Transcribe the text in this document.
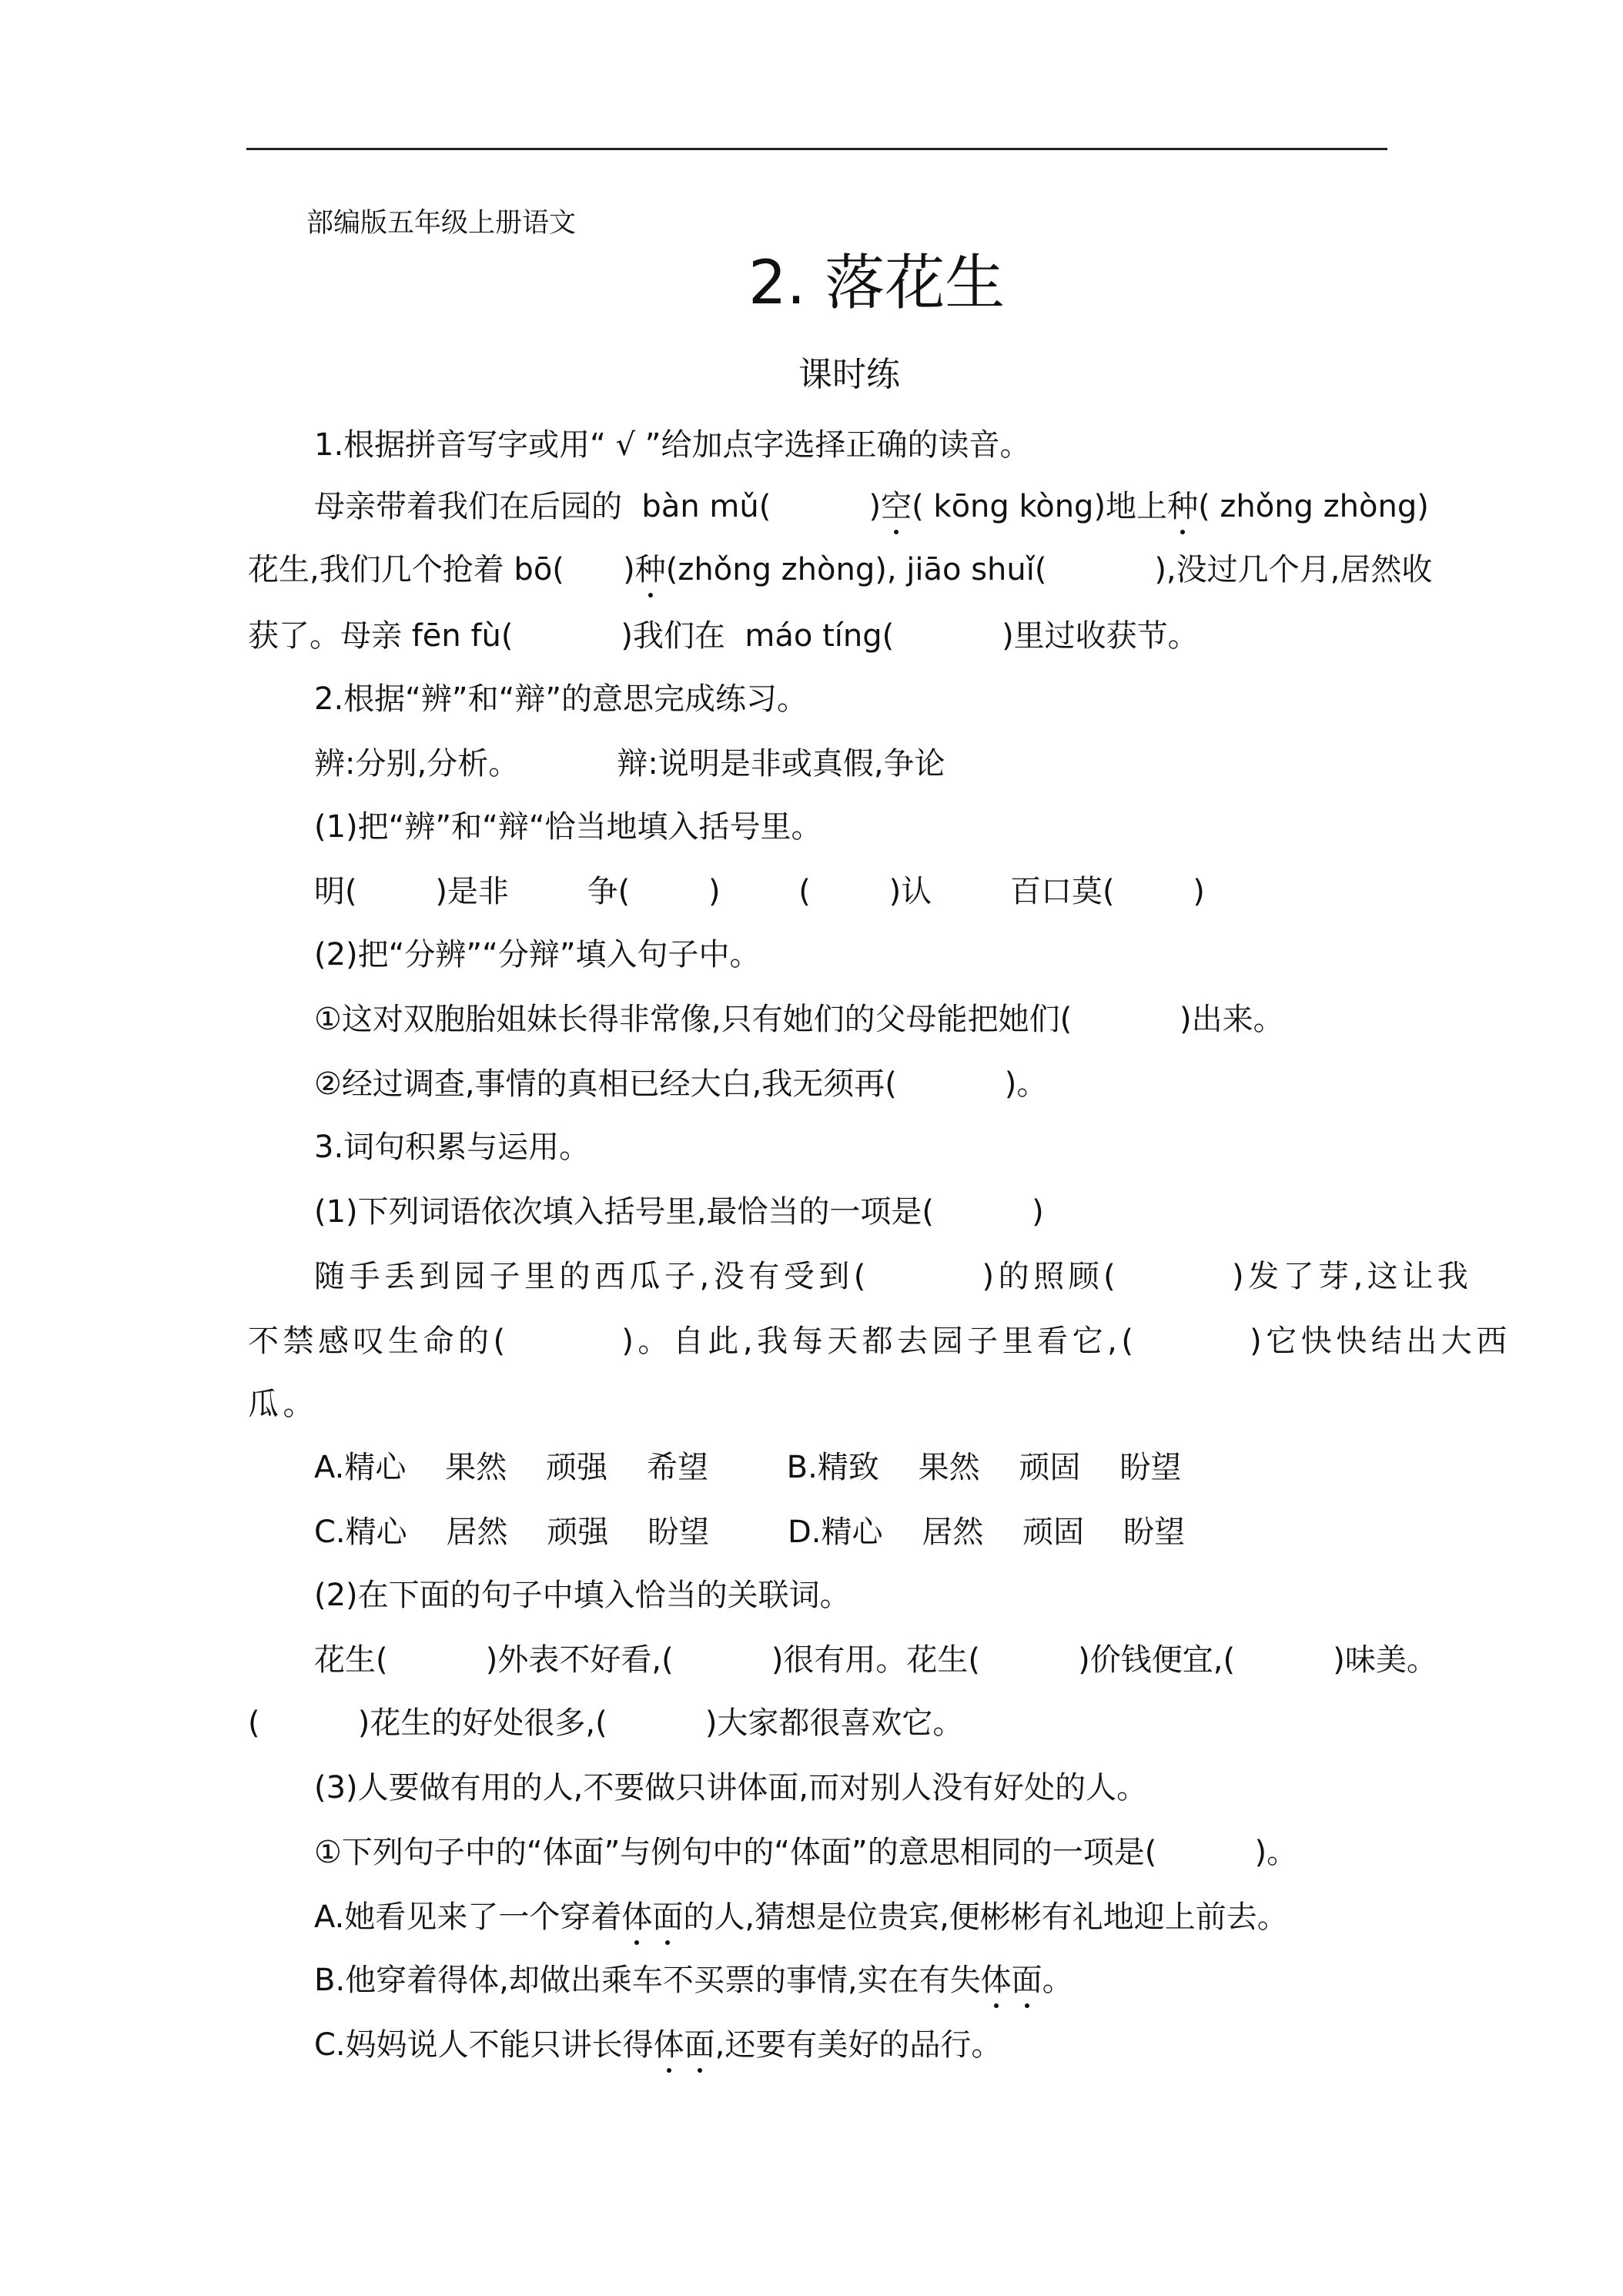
部编版五年级上册语文
2. 落花生
课时练
1.根据拼音写字或用“ √ ”给加点字选择正确的读音。
母亲带着我们在后园的  bàn mǔ(          )空( kōng kòng)地上种( zhǒng zhòng)
花生,我们几个抢着 bō(      )种(zhǒng zhòng), jiāo shuǐ(           ),没过几个月,居然收
获了。母亲 fēn fù(           )我们在  máo tíng(           )里过收获节。
2.根据“辨”和“辩”的意思完成练习。
辨:分别,分析。          辩:说明是非或真假,争论
(1)把“辨”和“辩“恰当地填入括号里。
明(        )是非        争(        )        (        )认        百口莫(        )
(2)把“分辨”“分辩”填入句子中。
①这对双胞胎姐妹长得非常像,只有她们的父母能把她们(           )出来。
②经过调查,事情的真相已经大白,我无须再(           )。
3.词句积累与运用。
(1)下列词语依次填入括号里,最恰当的一项是(          )
随手丢到园子里的西瓜子,没有受到(        )的照顾(        )发了芽,这让我
不禁感叹生命的(        )。自此,我每天都去园子里看它,(        )它快快结出大西
瓜。
A.精心    果然    顽强    希望        B.精致    果然    顽固    盼望
C.精心    居然    顽强    盼望        D.精心    居然    顽固    盼望
(2)在下面的句子中填入恰当的关联词。
花生(          )外表不好看,(          )很有用。花生(          )价钱便宜,(          )味美。
(          )花生的好处很多,(          )大家都很喜欢它。
(3)人要做有用的人,不要做只讲体面,而对别人没有好处的人。
①下列句子中的“体面”与例句中的“体面”的意思相同的一项是(          )。
A.她看见来了一个穿着体面的人,猜想是位贵宾,便彬彬有礼地迎上前去。
B.他穿着得体,却做出乘车不买票的事情,实在有失体面。
C.妈妈说人不能只讲长得体面,还要有美好的品行。
